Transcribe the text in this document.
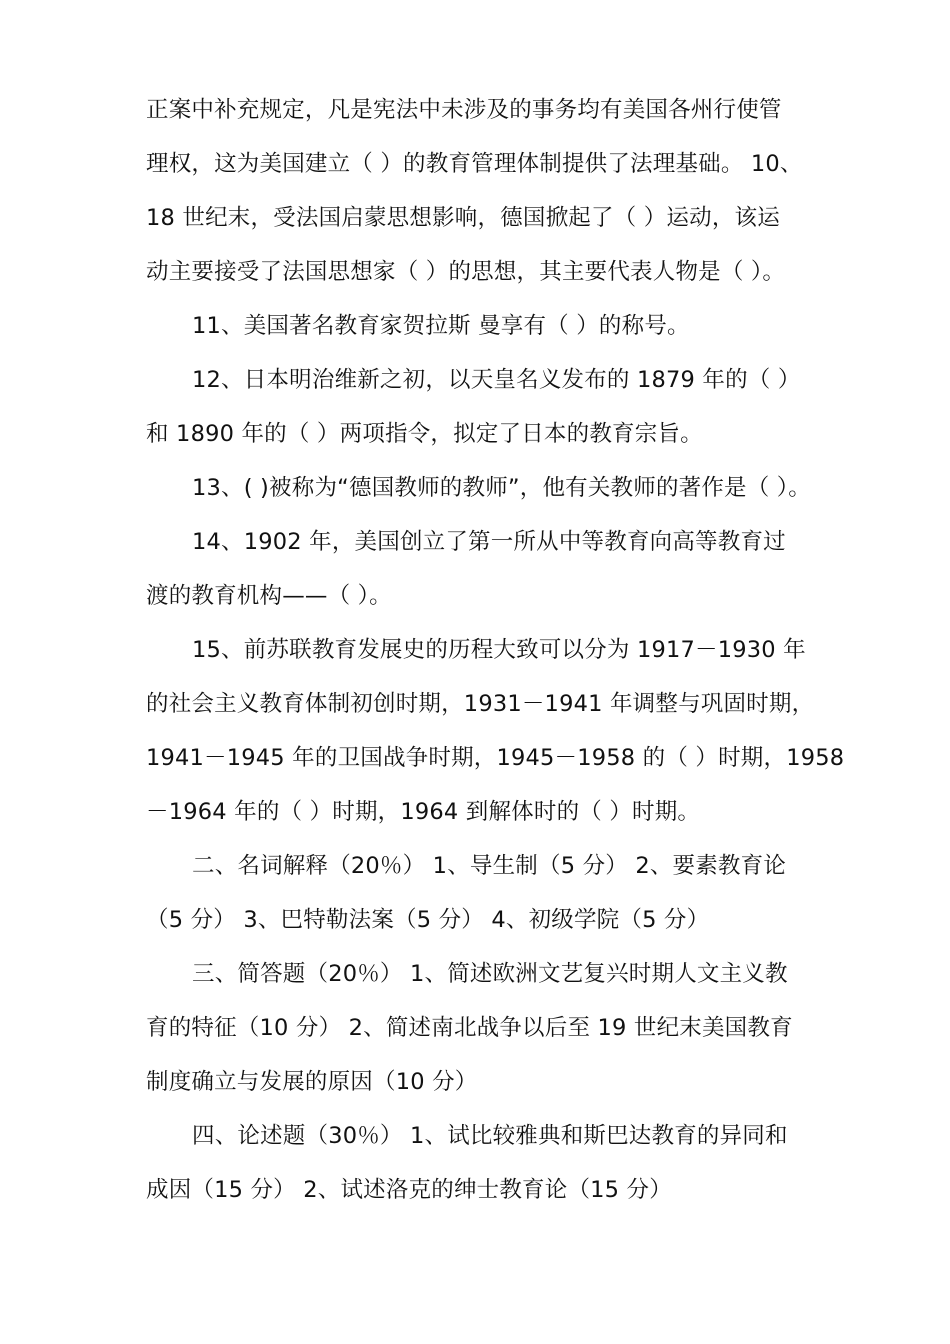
正案中补充规定，凡是宪法中未涉及的事务均有美国各州行使管
理权，这为美国建立（ ）的教育管理体制提供了法理基础。 10、
18 世纪末，受法国启蒙思想影响，德国掀起了（ ）运动，该运
动主要接受了法国思想家（ ）的思想，其主要代表人物是（ ）。
11、美国著名教育家贺拉斯 曼享有（ ）的称号。
12、日本明治维新之初，以天皇名义发布的 1879 年的（ ）
和 1890 年的（ ）两项指令，拟定了日本的教育宗旨。
13、( )被称为“德国教师的教师”，他有关教师的著作是（ ）。
14、1902 年，美国创立了第一所从中等教育向高等教育过
渡的教育机构——（ ）。
15、前苏联教育发展史的历程大致可以分为 1917－1930 年
的社会主义教育体制初创时期，1931－1941 年调整与巩固时期，
1941－1945 年的卫国战争时期，1945－1958 的（ ）时期，1958
－1964 年的（ ）时期，1964 到解体时的（ ）时期。
二、名词解释（20％） 1、导生制（5 分） 2、要素教育论
（5 分） 3、巴特勒法案（5 分） 4、初级学院（5 分）
三、简答题（20％） 1、简述欧洲文艺复兴时期人文主义教
育的特征（10 分） 2、简述南北战争以后至 19 世纪末美国教育
制度确立与发展的原因（10 分）
四、论述题（30％） 1、试比较雅典和斯巴达教育的异同和
成因（15 分） 2、试述洛克的绅士教育论（15 分）
